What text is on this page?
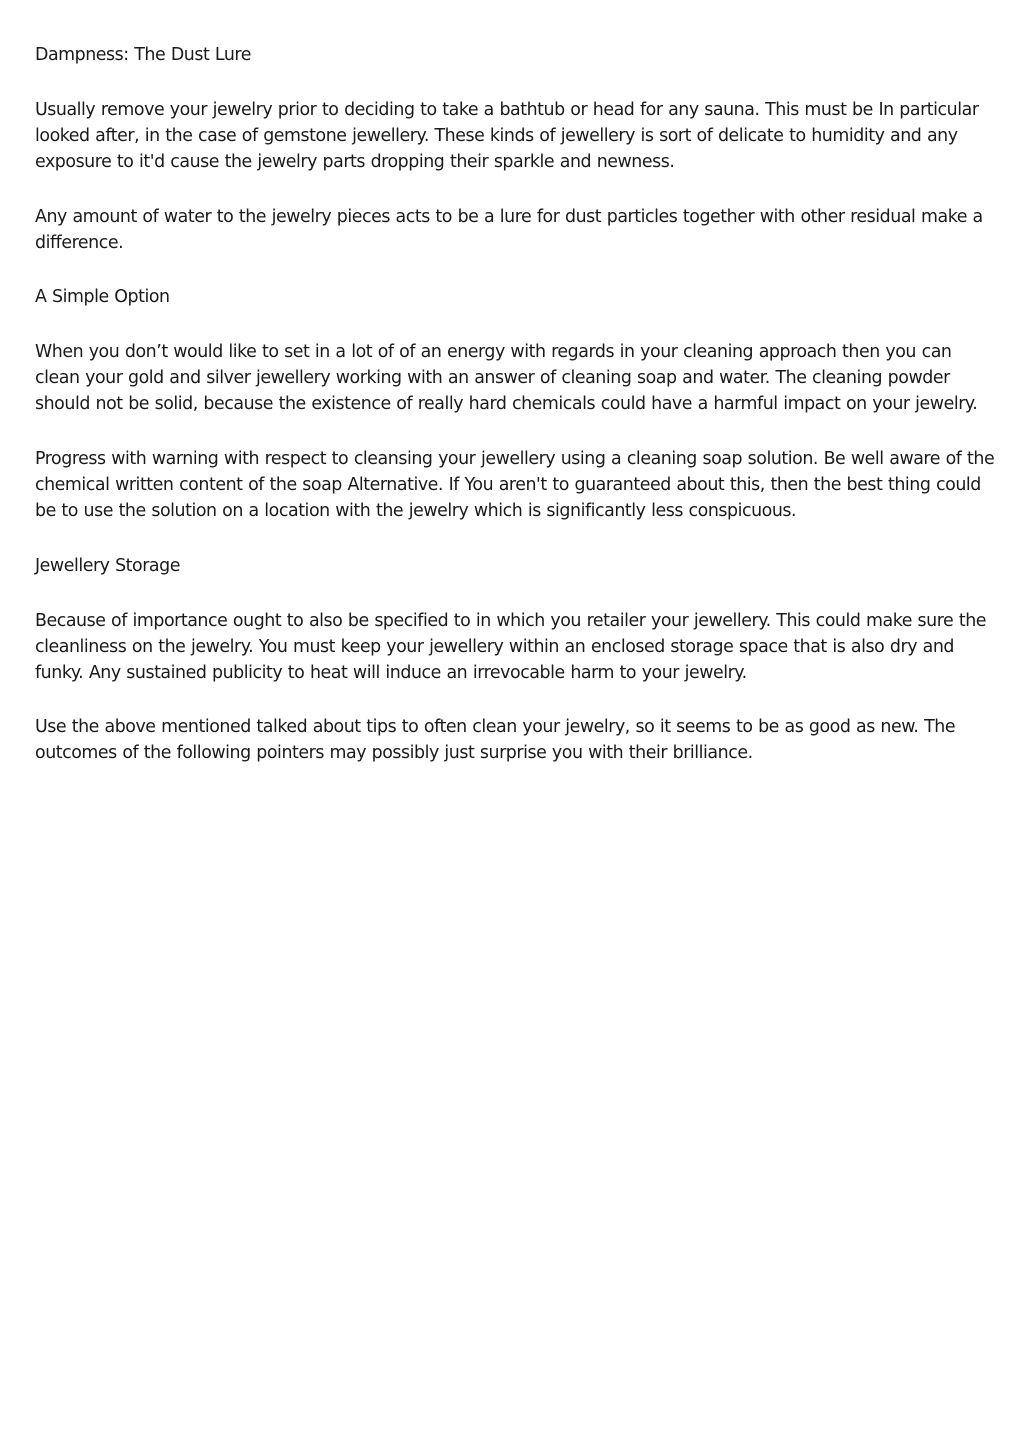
Dampness: The Dust Lure

Usually remove your jewelry prior to deciding to take a bathtub or head for any sauna. This must be In particular looked after, in the case of gemstone jewellery. These kinds of jewellery is sort of delicate to humidity and any exposure to it'd cause the jewelry parts dropping their sparkle and newness.

Any amount of water to the jewelry pieces acts to be a lure for dust particles together with other residual make a difference.

A Simple Option

When you don’t would like to set in a lot of of an energy with regards in your cleaning approach then you can clean your gold and silver jewellery working with an answer of cleaning soap and water. The cleaning powder should not be solid, because the existence of really hard chemicals could have a harmful impact on your jewelry.

Progress with warning with respect to cleansing your jewellery using a cleaning soap solution. Be well aware of the chemical written content of the soap Alternative. If You aren't to guaranteed about this, then the best thing could be to use the solution on a location with the jewelry which is significantly less conspicuous.

Jewellery Storage

Because of importance ought to also be specified to in which you retailer your jewellery. This could make sure the cleanliness on the jewelry. You must keep your jewellery within an enclosed storage space that is also dry and funky. Any sustained publicity to heat will induce an irrevocable harm to your jewelry.

Use the above mentioned talked about tips to often clean your jewelry, so it seems to be as good as new. The outcomes of the following pointers may possibly just surprise you with their brilliance.
